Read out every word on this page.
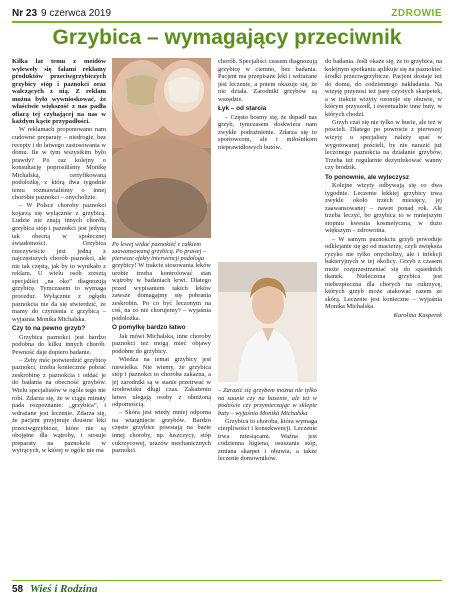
Nr 23 9 czerwca 2019	ZDROWIE
Grzybica – wymagający przeciwnik

Kilka lat temu z meidów wyleweły się falami reklamy produktów przeciwgrzybiczych grzybicy stóp i paznokci oraz walczących z nią. Z reklam można było wywnioskować, że właściwie większość z nas padła ofiarą tej czyhającej na nas w każdym kącie przypadłości.

W reklamach proponowano nam cudowne preparaty – niedrogie, bez recepty i do łatwego zastosowania w domu. Ile w tym wszystkim było prawdy? Po raz kolejny o konsultację poprosiliśmy Monikę Michalską, certyfikowaną podolożkę, z którą dwa tygodnie temu rozmawialiśmy o innej chorobie paznokci – onycholizie.

– W Polsce choroby paznokci kojarzą się wyłącznie z grzybicą. Ludzie nie znają innych chorób, grzybica stóp i paznokci jest jedyną tak obecną w społecznej świadomości. Grzybica rzeczywiście jest jedną z najczęstszych chorób paznokci, ale nie tak częstą, jak by to wynikało z reklam. U wielu osób zresztą specjaliści „na oko” diagnozują grzybicę. Tymczasem to wymaga procedur. Wyłącznie z ogłądu paznokcia nie da się stwierdzić, że mamy do czynienia z grzybicą – wyjaśnia Monika Michalska.

Czy to na pewno grzyb?

Grzybica paznokci jest bardzo podobna do kilku innych chorób. Pewność daje dopiero badanie.

– Żeby móc potwierdzić grzybicę paznokci, trzeba koniecznie pobrać zeskrobinę z paznokcia i oddać je do badania na obecność grzybów. Wielu specjalistów w ogóle tego nie robi. Zdarza się, że w ciągu minuty pada rozpoznanie: „grzybica”, i wdrażane jest leczenie. Zdarza się, że pacjent przyjmuje doustne leki przeciwgrzybicze, które nie są obojętne dla wątroby, i stosuje preparaty na paznokcie w wytrących, w której w ogóle nie ma

Po lewej widać paznokieć z całkiem zaawansowaną grzybicą. Po prawej – pierwsze efekty interwencji podologa

grzybicy! W trakcie stosowania leków urobie trzeba kontrolować stan wątroby w badaniach krwi. Dlatego przed wypisaniem takich leków zawsze domagajmy się pobrania zeskrobin. Po co być leczonym na coś, na co nie chorujemy? – wyjaśnia podolożka.

O pomyłkę bardzo łatwo

Jak mówi Michalska, inne choroby paznokci też mogą mieć objawy podobne do grzybicy.

Wiedza na temat grzybicy jest niewielka. Nie wiemy, że grzybica stóp i paznokci to choroba zakaźna, a jej zarodniki są w stanie przetrwać w środowisku długi czas. Zakażeniu łatwo ulegają osoby z obniżoną odpornością.

– Skóra jest wtedy mniej odporna na wtargnięcie grzybów. Bardzo często grzybice powstają na bazie innej choroby, np. łuszczycy, stóp cukrzycowej, urazów mechanicznych paznokci.

chorób. Specjaliści czasem diagnozują grzybicę w ciemno, bez badania. Pacjent ma przepisane leki i wdrażane jest leczenie, a potem okazuje się, że nie działa. Zarodniki grzybów są wszędzie.

Łyk – od starcia

– Często bosmy się, że dopadł nas grzyb, tymczasem doskwiera nam zwykłe podrażnienie. Zdarza się to sportowcom, ale i miłośnikom nieprawidłowych butów.

– Zarazić się grzybem można nie tylko na saunie czy na basenie, ale też w podeście czy przymierzając w sklepie buty – wyjaśnia Monika Michalska

Grzybica to choroba, która wymaga cierpliwości i konsekwencji. Leczenie trwa miesiącami. Ważna jest codzienna higiena, osuszanie stóp, zmiana skarpet i obuwia, a także leczenie domowników.

do badania. Jeśli okaże się, że to grzybica, na kolejnym spotkaniu aplikuje się na paznokieć środki przeciwgrzybicze. Pacjent dostaje też do domu, do codziennego nakładania. Na wizytę przynosi też parę czystych skarpetek, a w trakcie wizyty ozonuje się obuwie, w którym przyszedł, i ewentualnie inne buty, w których chodzi.

Grzyb czai się nie tylko w bucie, ale też w pościeli. Dlatego po powrocie z pierwszej wizyty u specjalisty należy spać w wygotowanej pościeli, by nie narazić już leczonego paznokcia na działanie grzybów. Trzeba też regularnie dezynfekować wanny czy brodzik.

To ponownie, ale wyleczysz

Kolejne wizyty odbywają się co dwa tygodnie. Leczenie lekkiej grzybicy trwa zwykle około trzech miesięcy, jej zaawansowanej – nawet ponad rok. Ale trzeba leczyć, bo grzybica to w mniejszym stopniu kwestia kosmetyczna, w dużo większym – zdrowotna.

– W samym paznokciu grzyb powoduje odklejanie się go od macierzy, czyli zwiększa ryzyko nie tylko onycholizy, ale i infekcji bakteryjnych w tej okolicy. Grzyb z czasem może rozprzestrzeniać się do sąsiednich tkanek. Nieleczona grzybica jest niebezpieczna dla chorych na cukrzycę, których grzyb może atakować razem ze skórą. Leczenie jest konieczne – wyjaśnia Monika Michalska.

Karolina Kasperek

58 Wieś i Rodzina
